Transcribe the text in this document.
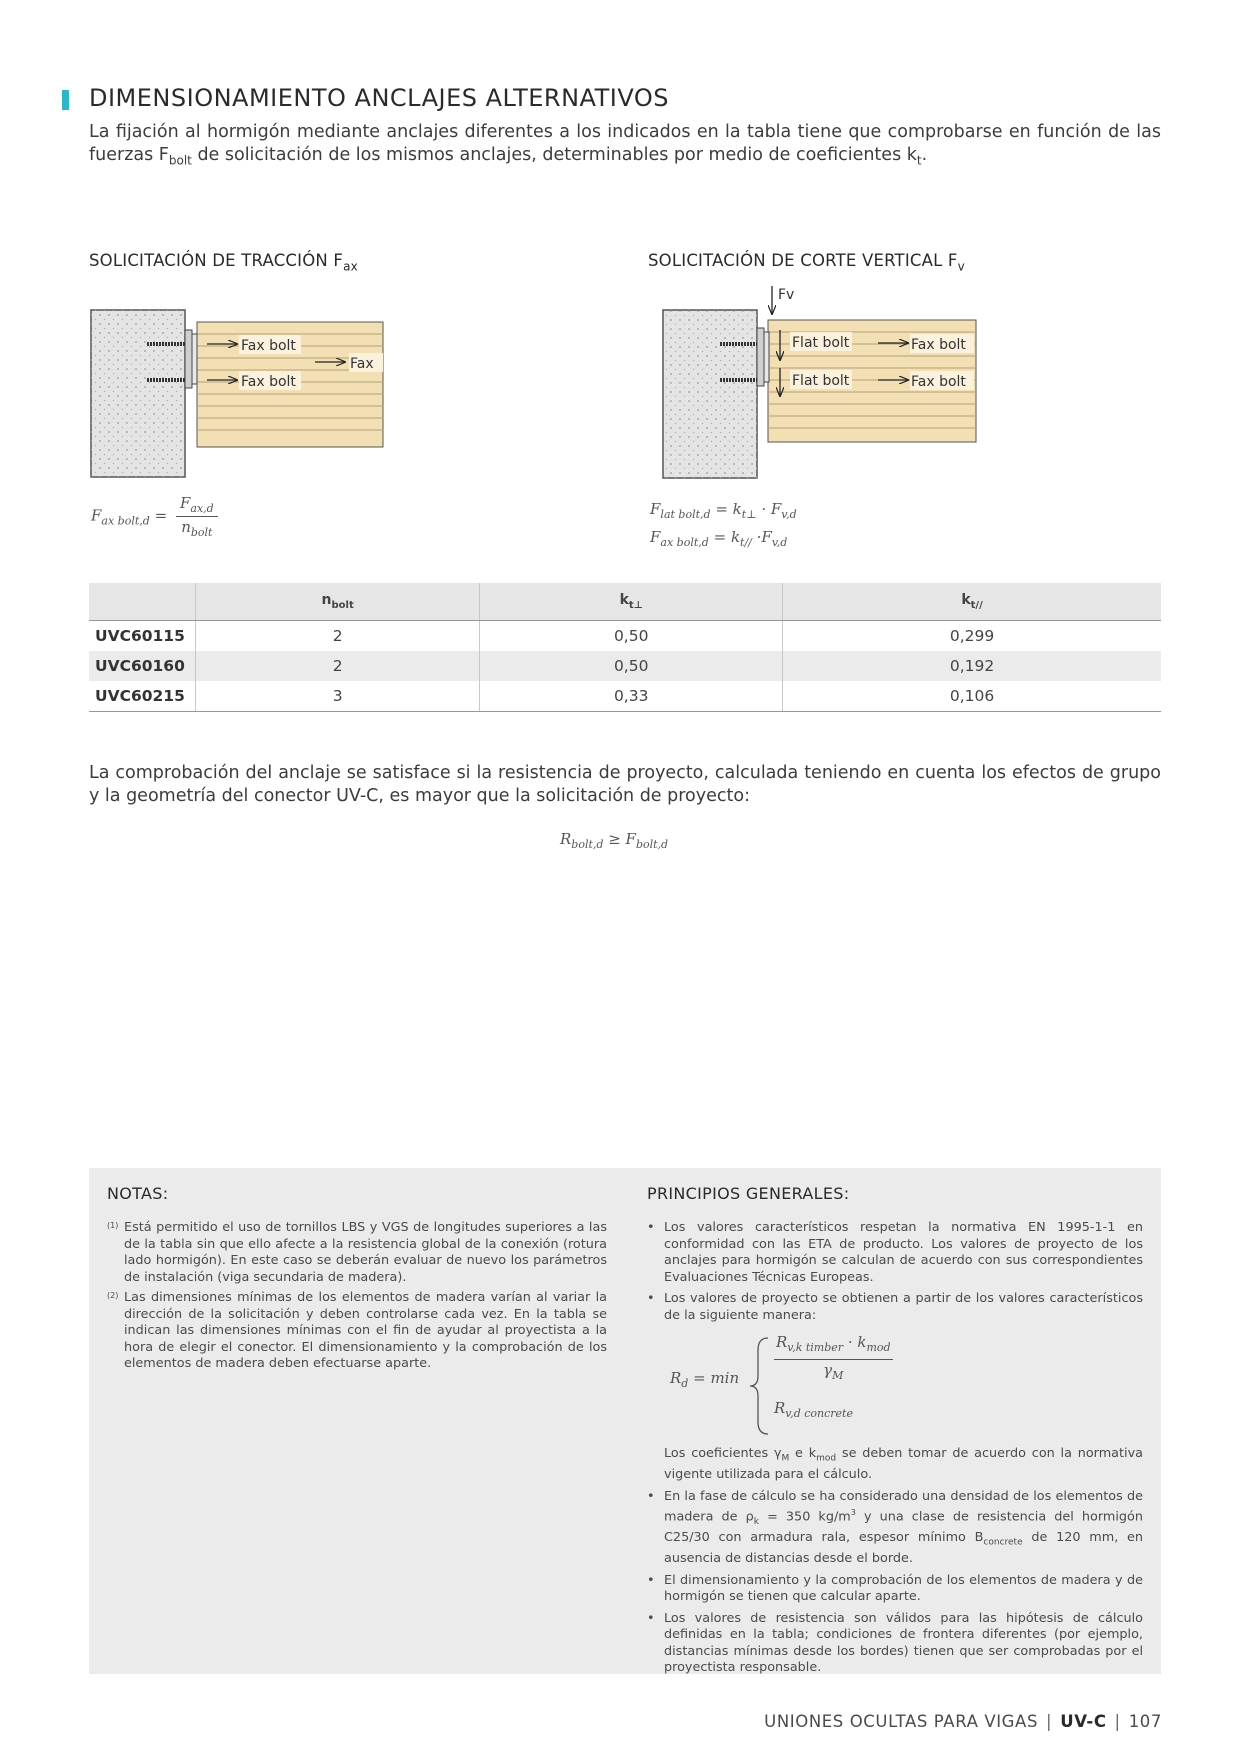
DIMENSIONAMIENTO ANCLAJES ALTERNATIVOS
La fijación al hormigón mediante anclajes diferentes a los indicados en la tabla tiene que comprobarse en función de las fuerzas $F_{bolt}$ de solicitación de los mismos anclajes, determinables por medio de coeficientes $k_t$.
SOLICITACIÓN DE TRACCIÓN $F_{ax}$
Fax bolt
Fax bolt
Fax
$F_{ax bolt,d} = \frac{F_{ax,d}}{n_{bolt}}$
SOLICITACIÓN DE CORTE VERTICAL $F_v$
Fv
Flat bolt	Fax bolt
Flat bolt	Fax bolt
$F_{lat bolt,d} = k_{t\perp} \cdot F_{v,d}$
$F_{ax bolt,d} = k_{t//} \cdot F_{v,d}$
	$n_{bolt}$	$k_{t\perp}$	$k_{t//}$
UVC60115	2	0,50	0,299
UVC60160	2	0,50	0,192
UVC60215	3	0,33	0,106
La comprobación del anclaje se satisface si la resistencia de proyecto, calculada teniendo en cuenta los efectos de grupo y la geometría del conector UV-C, es mayor que la solicitación de proyecto:
$R_{bolt,d} \ge F_{bolt,d}$
NOTAS:
(1) Está permitido el uso de tornillos LBS y VGS de longitudes superiores a las de la tabla sin que ello afecte a la resistencia global de la conexión (rotura lado hormigón). En este caso se deberán evaluar de nuevo los parámetros de instalación (viga secundaria de madera).
(2) Las dimensiones mínimas de los elementos de madera varían al variar la dirección de la solicitación y deben controlarse cada vez. En la tabla se indican las dimensiones mínimas con el fin de ayudar al proyectista a la hora de elegir el conector. El dimensionamiento y la comprobación de los elementos de madera deben efectuarse aparte.
PRINCIPIOS GENERALES:
• Los valores característicos respetan la normativa EN 1995-1-1 en conformidad con las ETA de producto. Los valores de proyecto de los anclajes para hormigón se calculan de acuerdo con sus correspondientes Evaluaciones Técnicas Europeas.
• Los valores de proyecto se obtienen a partir de los valores característicos de la siguiente manera:
$R_d = \min$
$R_{v,k timber} \cdot k_{mod}$
$\gamma_M$
$R_{v,d concrete}$
Los coeficientes $\gamma_M$ e $k_{mod}$ se deben tomar de acuerdo con la normativa vigente utilizada para el cálculo.
• En la fase de cálculo se ha considerado una densidad de los elementos de madera de $\rho_k = 350$ $kg/m^3$ y una clase de resistencia del hormigón C25/30 con armadura rala, espesor mínimo $B_{concrete}$ de 120 mm, en ausencia de distancias desde el borde.
• El dimensionamiento y la comprobación de los elementos de madera y de hormigón se tienen que calcular aparte.
• Los valores de resistencia son válidos para las hipótesis de cálculo definidas en la tabla; condiciones de frontera diferentes (por ejemplo, distancias mínimas desde los bordes) tienen que ser comprobadas por el proyectista responsable.
UNIONES OCULTAS PARA VIGAS | UV-C | 107
